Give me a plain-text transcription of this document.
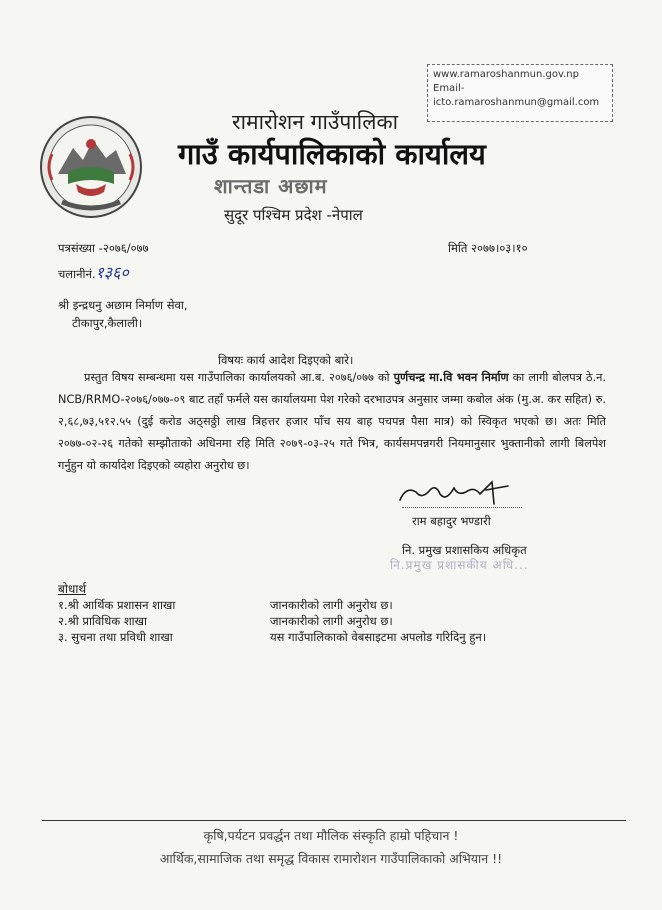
www.ramaroshanmun.gov.np
Email-
icto.ramaroshanmun@gmail.com
रामारोशन गाउँपालिका
गाउँ कार्यपालिकाको कार्यालय
शान्तडा अछाम
सुदूर पश्चिम प्रदेश -नेपाल
पत्रसंख्या -२०७६/०७७
चलानीनं.१३६०
मिति २०७७।०३।१०
श्री इन्द्रधनु अछाम निर्माण सेवा,
टीकापुर,कैलाली।
विषयः कार्य आदेश दिइएको बारे।

प्रस्तुत विषय सम्बन्धमा यस गाउँपालिका कार्यालयको आ.ब. २०७६/०७७ को पुर्णचन्द्र मा.वि भवन निर्माण का लागी बोलपत्र ठे.न. NCB/RRMO-२०७६/०७७-०९ बाट तहाँ फर्मले यस कार्यालयमा पेश गरेको दरभाउपत्र अनुसार जम्मा कबोल अंक (मु.अ. कर सहित) रु. २,६८,७३,५१२.५५ (दुई करोड अठ्सठ्ठी लाख त्रिहत्तर हजार पाँच सय बाह पचपन्न पैसा मात्र) को स्विकृत भएको छ। अतः मिति २०७७-०२-२६ गतेको सम्झौताको अधिनमा रहि मिति २०७९-०३-२५ गते भित्र, कार्यसमपन्नगरी नियमानुसार भुक्तानीको लागी बिलपेश गर्नुहुन यो कार्यादेश दिइएको व्यहोरा अनुरोध छ।

राम बहादुर भण्डारी
नि. प्रमुख प्रशासकिय अधिकृत
नि.प्रमुख प्रशासकीय अधि...
बोधार्थ
१.श्री आर्थिक प्रशासन शाखा	जानकारीको लागी अनुरोध छ।
२.श्री प्राविधिक शाखा	जानकारीको लागी अनुरोध छ।
३. सुचना तथा प्रविधी शाखा	यस गाउँपालिकाको वेबसाइटमा अपलोड गरिदिनु हुन।
कृषि,पर्यटन प्रवर्द्धन तथा मौलिक संस्कृति हाम्रो पहिचान !
आर्थिक,सामाजिक तथा समृद्ध विकास रामारोशन गाउँपालिकाको अभियान !!
